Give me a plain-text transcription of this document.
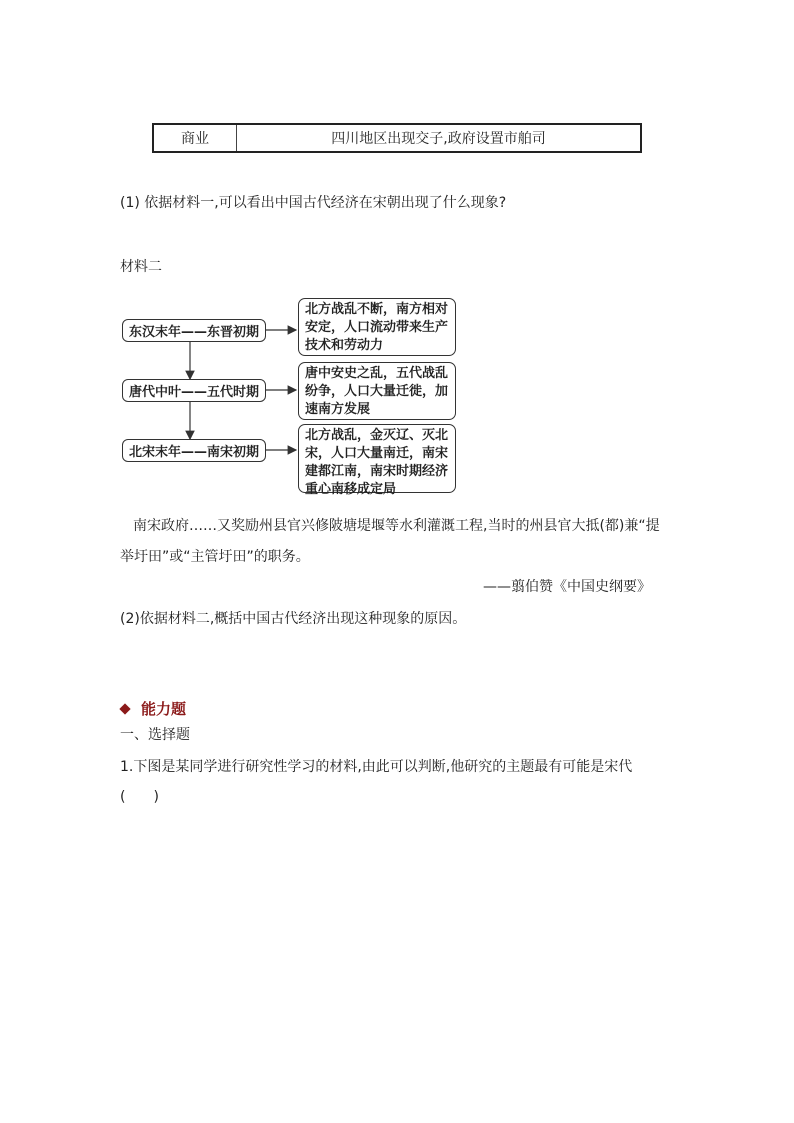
商业	四川地区出现交子,政府设置市舶司
(1) 依据材料一,可以看出中国古代经济在宋朝出现了什么现象?
材料二
东汉末年——东晋初期
唐代中叶——五代时期
北宋末年——南宋初期
北方战乱不断，南方相对
安定，人口流动带来生产
技术和劳动力
唐中安史之乱，五代战乱
纷争，人口大量迁徙，加
速南方发展
北方战乱，金灭辽、灭北
宋，人口大量南迁，南宋
建都江南，南宋时期经济
重心南移成定局
南宋政府……又奖励州县官兴修陂塘堤堰等水利灌溉工程,当时的州县官大抵(都)兼“提
举圩田”或“主管圩田”的职务。
——翦伯赞《中国史纲要》
(2)依据材料二,概括中国古代经济出现这种现象的原因。
能力题
一、选择题
1.下图是某同学进行研究性学习的材料,由此可以判断,他研究的主题最有可能是宋代
(　　)
